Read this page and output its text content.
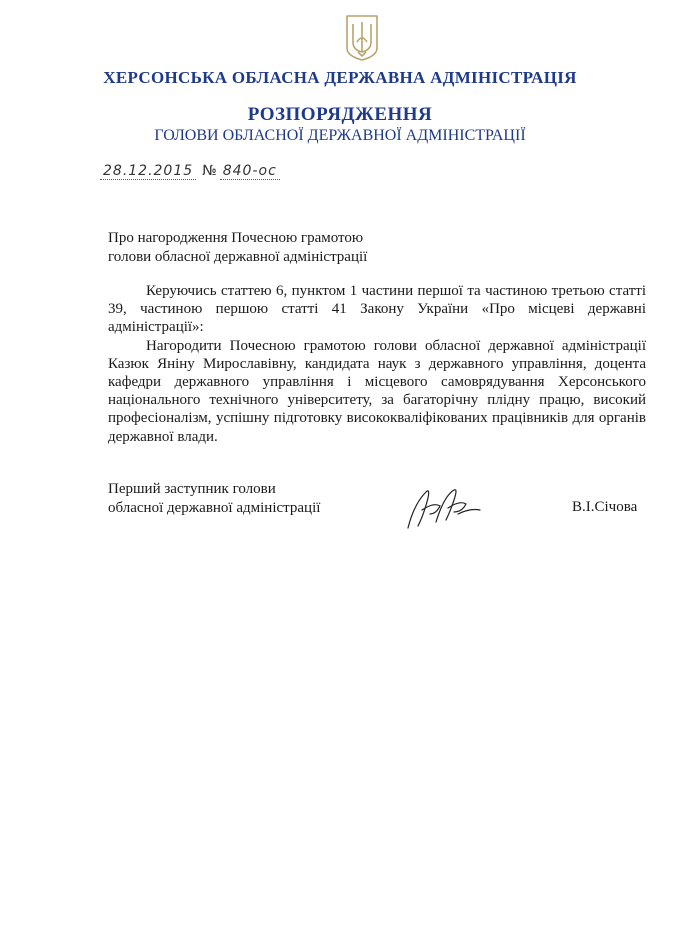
ХЕРСОНСЬКА ОБЛАСНА ДЕРЖАВНА АДМІНІСТРАЦІЯ
РОЗПОРЯДЖЕННЯ
ГОЛОВИ ОБЛАСНОЇ ДЕРЖАВНОЇ АДМІНІСТРАЦІЇ
28.12.2015 № 840-ос
Про нагородження Почесною грамотою
голови обласної державної адміністрації

Керуючись статтею 6, пунктом 1 частини першої та частиною третьою статті 39, частиною першою статті 41 Закону України «Про місцеві державні адміністрації»:

Нагородити Почесною грамотою голови обласної державної адміністрації Казюк Яніну Мирославівну, кандидата наук з державного управління, доцента кафедри державного управління і місцевого самоврядування Херсонського національного технічного університету, за багаторічну плідну працю, високий професіоналізм, успішну підготовку висококваліфікованих працівників для органів державної влади.

Перший заступник голови
обласної державної адміністрації	В.І.Січова
